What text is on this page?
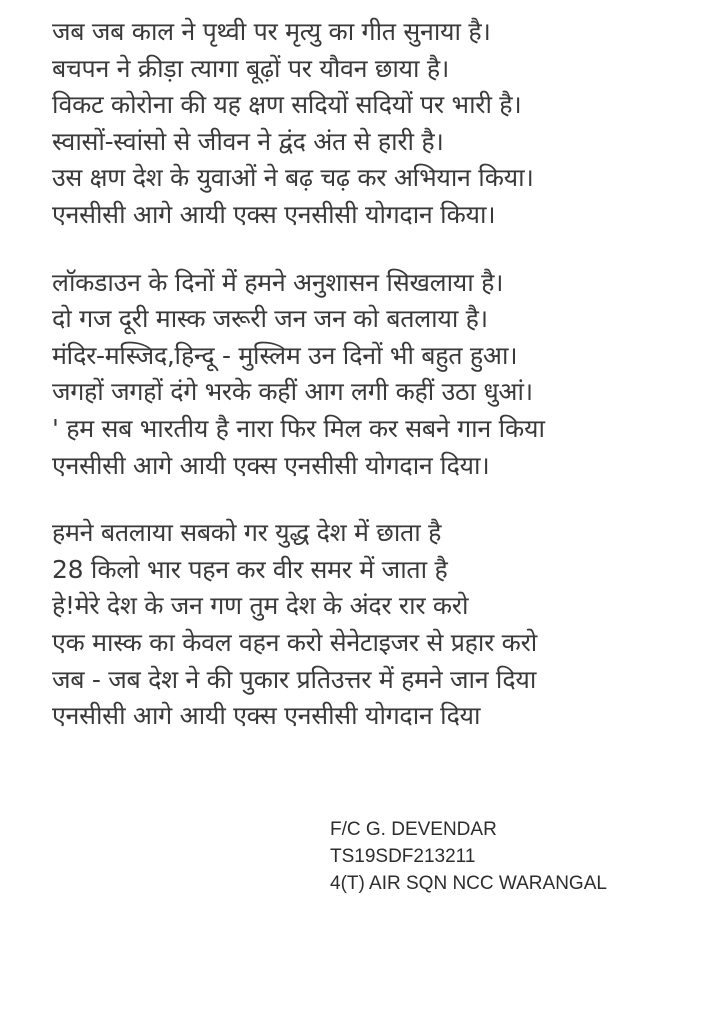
जब जब काल ने पृथ्वी पर मृत्यु का गीत सुनाया है।
बचपन ने क्रीड़ा त्यागा बूढ़ों पर यौवन छाया है।
विकट कोरोना की यह क्षण सदियों सदियों पर भारी है।
स्वासों-स्वांसो से जीवन ने द्वंद अंत से हारी है।
उस क्षण देश के युवाओं ने बढ़ चढ़ कर अभियान किया।
एनसीसी आगे आयी एक्स एनसीसी योगदान किया।
लॉकडाउन के दिनों में हमने अनुशासन सिखलाया है।
दो गज दूरी मास्क जरूरी जन जन को बतलाया है।
मंदिर-मस्जिद,हिन्दू - मुस्लिम उन दिनों भी बहुत हुआ।
जगहों जगहों दंगे भरके कहीं आग लगी कहीं उठा धुआं।
' हम सब भारतीय है नारा फिर मिल कर सबने गान किया
एनसीसी आगे आयी एक्स एनसीसी योगदान दिया।
हमने बतलाया सबको गर युद्ध देश में छाता है
28 किलो भार पहन कर वीर समर में जाता है
हे!मेरे देश के जन गण तुम देश के अंदर रार करो
एक मास्क का केवल वहन करो सेनेटाइजर से प्रहार करो
जब - जब देश ने की पुकार प्रतिउत्तर में हमने जान दिया
एनसीसी आगे आयी एक्स एनसीसी योगदान दिया
F/C G. DEVENDAR
TS19SDF213211
4(T) AIR SQN NCC WARANGAL
